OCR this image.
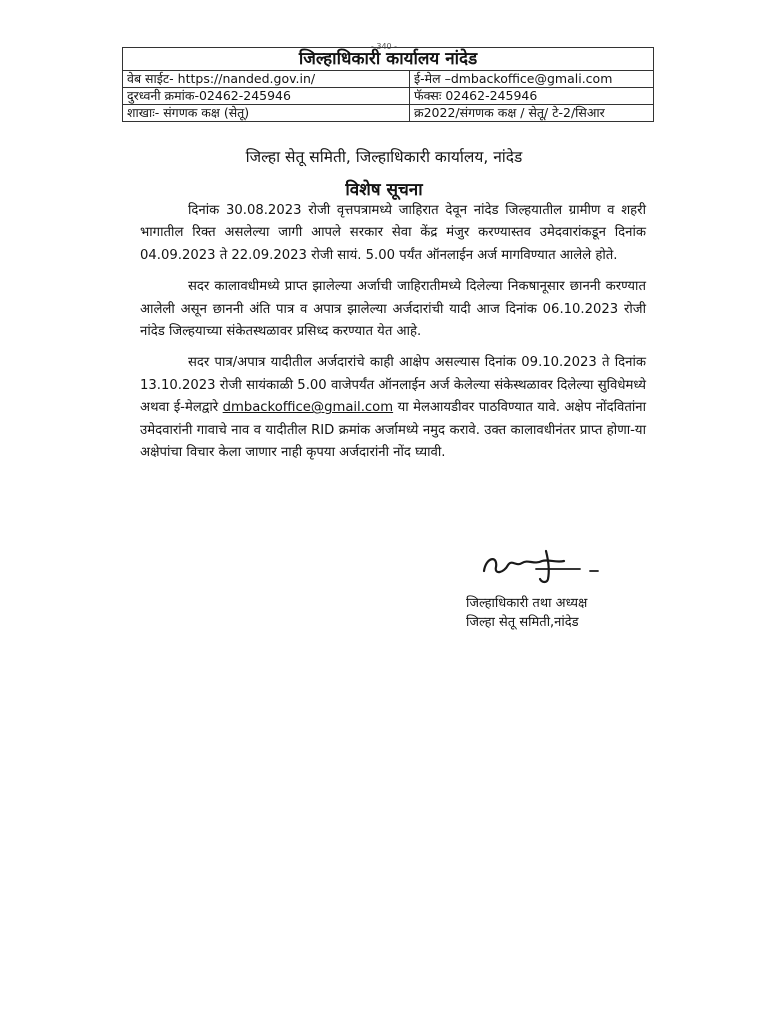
- 340 -
जिल्हाधिकारी कार्यालय नांदेड	
वेब साईट- https://nanded.gov.in/	ई-मेल –dmbackoffice@gmali.com
दुरध्वनी क्रमांक-02462-245946	फॅक्सः 02462-245946
शाखाः- संगणक कक्ष (सेतू)	क्र2022/संगणक कक्ष / सेतू/ टे-2/सिआर
जिल्हा सेतू समिती, जिल्हाधिकारी कार्यालय, नांदेड
विशेष सूचना

दिनांक 30.08.2023 रोजी वृत्तपत्रामध्ये जाहिरात देवून नांदेड जिल्हयातील ग्रामीण व शहरी भागातील रिक्त असलेल्या जागी आपले सरकार सेवा केंद्र मंजुर करण्यास्तव उमेदवारांकडून दिनांक 04.09.2023 ते 22.09.2023 रोजी सायं. 5.00 पर्यंत ऑनलाईन अर्ज मागविण्यात आलेले होते.

सदर कालावधीमध्ये प्राप्त झालेल्या अर्जाची जाहिरातीमध्ये दिलेल्या निकषानूसार छाननी करण्यात आलेली असून छाननी अंति पात्र व अपात्र झालेल्या अर्जदारांची यादी आज दिनांक 06.10.2023 रोजी नांदेड जिल्हयाच्या संकेतस्थळावर प्रसिध्द करण्यात येत आहे.

सदर पात्र/अपात्र यादीतील अर्जदारांचे काही आक्षेप असल्यास दिनांक 09.10.2023 ते दिनांक 13.10.2023 रोजी सायंकाळी 5.00 वाजेपर्यंत ऑनलाईन अर्ज केलेल्या संकेस्थळावर दिलेल्या सुविधेमध्ये अथवा ई-मेलद्वारे dmbackoffice@gmail.com या मेलआयडीवर पाठविण्यात यावे. अक्षेप नोंदवितांना उमेदवारांनी गावाचे नाव व यादीतील RID क्रमांक अर्जामध्ये नमुद करावे. उक्त कालावधीनंतर प्राप्त होणा-या अक्षेपांचा विचार केला जाणार नाही कृपया अर्जदारांनी नोंद घ्यावी.

जिल्हाधिकारी तथा अध्यक्ष
जिल्हा सेतू समिती,नांदेड
